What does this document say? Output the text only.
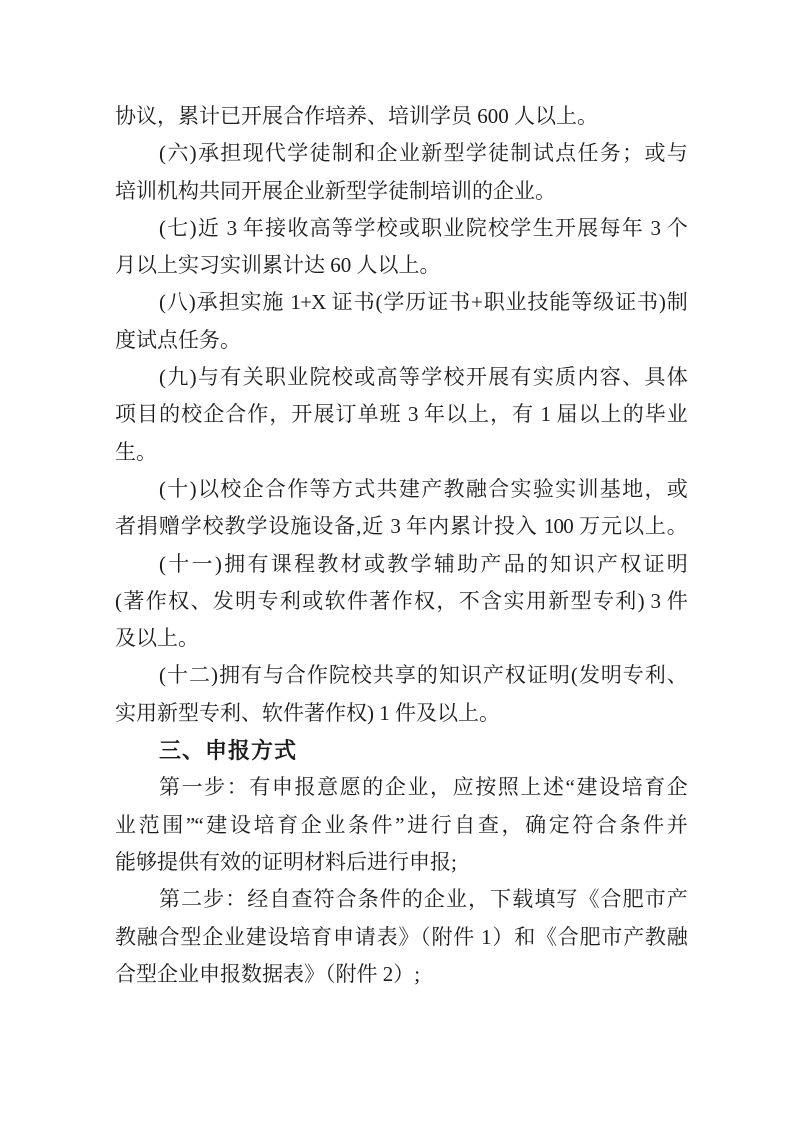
协议，累计已开展合作培养、培训学员 600 人以上。
(六)承担现代学徒制和企业新型学徒制试点任务；或与
培训机构共同开展企业新型学徒制培训的企业。
(七)近 3 年接收高等学校或职业院校学生开展每年 3 个
月以上实习实训累计达 60 人以上。
(八)承担实施 1+X 证书(学历证书+职业技能等级证书)制
度试点任务。
(九)与有关职业院校或高等学校开展有实质内容、具体
项目的校企合作，开展订单班 3 年以上，有 1 届以上的毕业
生。
(十)以校企合作等方式共建产教融合实验实训基地，或
者捐赠学校教学设施设备,近 3 年内累计投入 100 万元以上。
(十一)拥有课程教材或教学辅助产品的知识产权证明
(著作权、发明专利或软件著作权，不含实用新型专利) 3 件
及以上。
(十二)拥有与合作院校共享的知识产权证明(发明专利、
实用新型专利、软件著作权) 1 件及以上。
三、申报方式
第一步：有申报意愿的企业，应按照上述“建设培育企
业范围”“建设培育企业条件”进行自查，确定符合条件并
能够提供有效的证明材料后进行申报;
第二步：经自查符合条件的企业，下载填写《合肥市产
教融合型企业建设培育申请表》（附件 1）和《合肥市产教融
合型企业申报数据表》（附件 2）;
